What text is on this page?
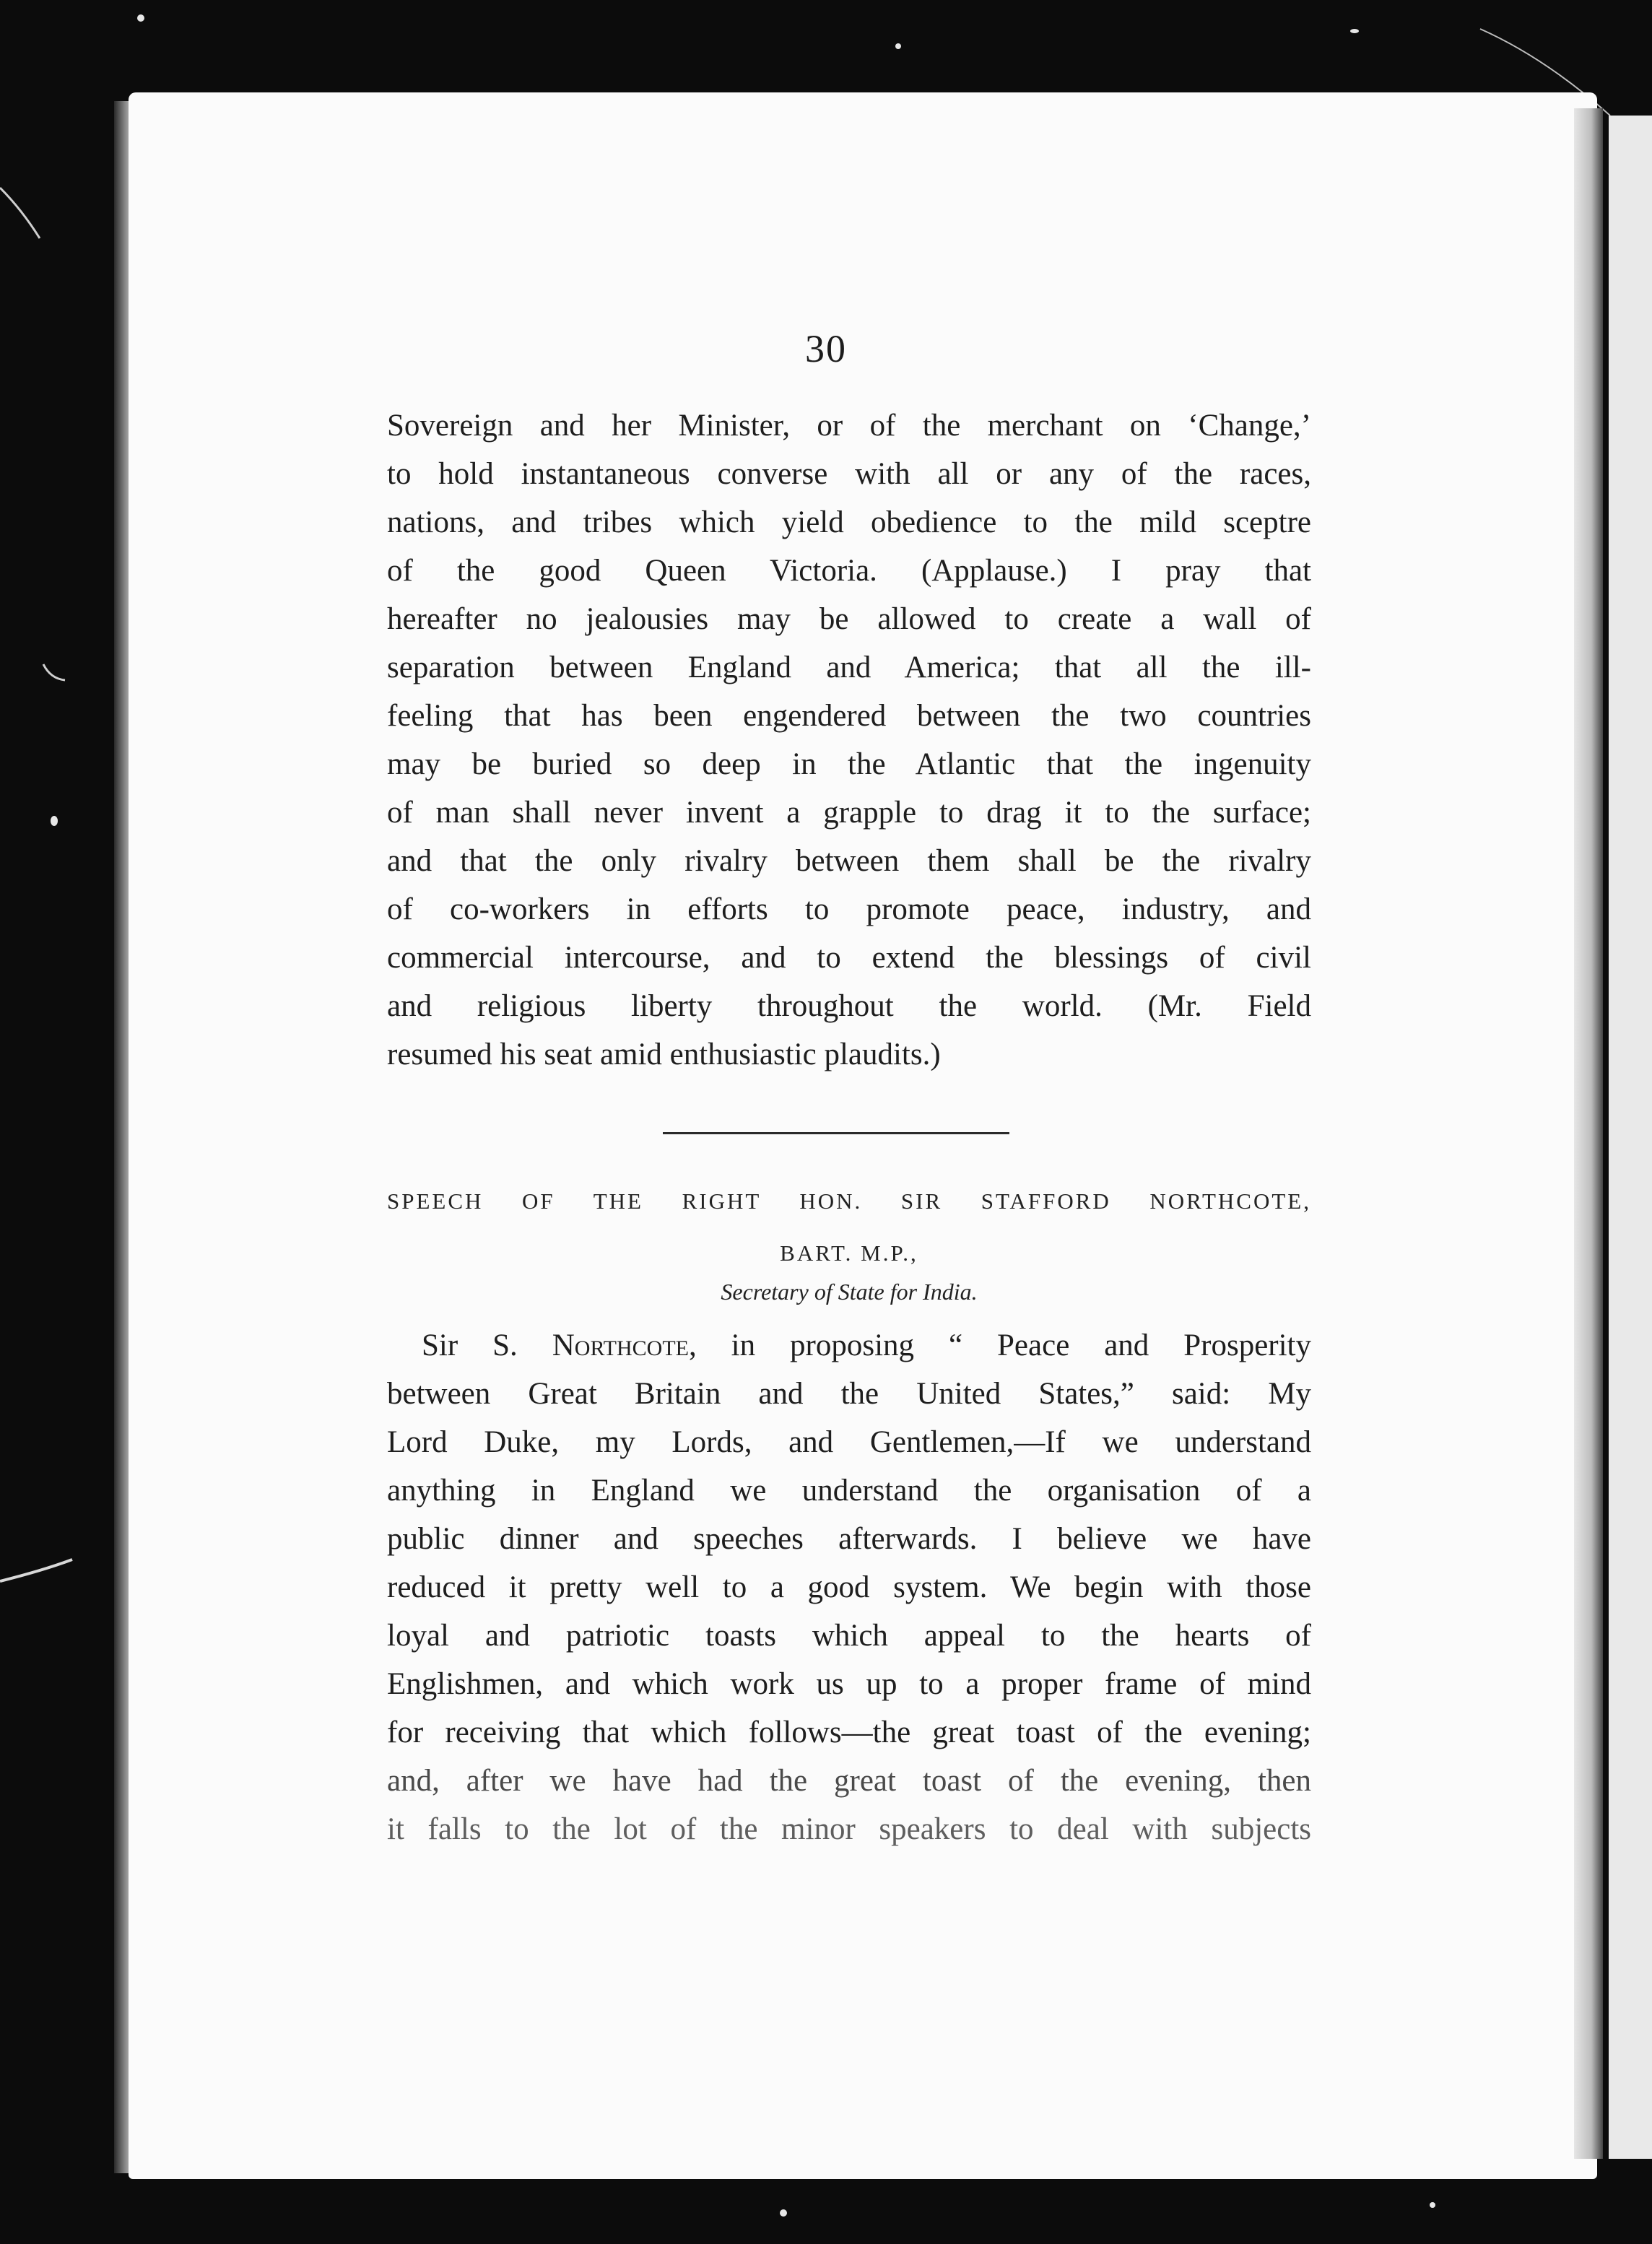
30
Sovereign and her Minister, or of the merchant on ‘Change,’
to hold instantaneous converse with all or any of the races,
nations, and tribes which yield obedience to the mild sceptre
of the good Queen Victoria. (Applause.) I pray that
hereafter no jealousies may be allowed to create a wall of
separation between England and America; that all the ill-
feeling that has been engendered between the two countries
may be buried so deep in the Atlantic that the ingenuity
of man shall never invent a grapple to drag it to the surface;
and that the only rivalry between them shall be the rivalry
of co-workers in efforts to promote peace, industry, and
commercial intercourse, and to extend the blessings of civil
and religious liberty throughout the world. (Mr. Field
resumed his seat amid enthusiastic plaudits.)
SPEECH OF THE RIGHT HON. SIR STAFFORD NORTHCOTE,
BART. M.P.,
Secretary of State for India.
Sir S. Northcote, in proposing “ Peace and Prosperity
between Great Britain and the United States,” said: My
Lord Duke, my Lords, and Gentlemen,—If we understand
anything in England we understand the organisation of a
public dinner and speeches afterwards. I believe we have
reduced it pretty well to a good system. We begin with those
loyal and patriotic toasts which appeal to the hearts of
Englishmen, and which work us up to a proper frame of mind
for receiving that which follows—the great toast of the evening;
and, after we have had the great toast of the evening, then
it falls to the lot of the minor speakers to deal with subjects
